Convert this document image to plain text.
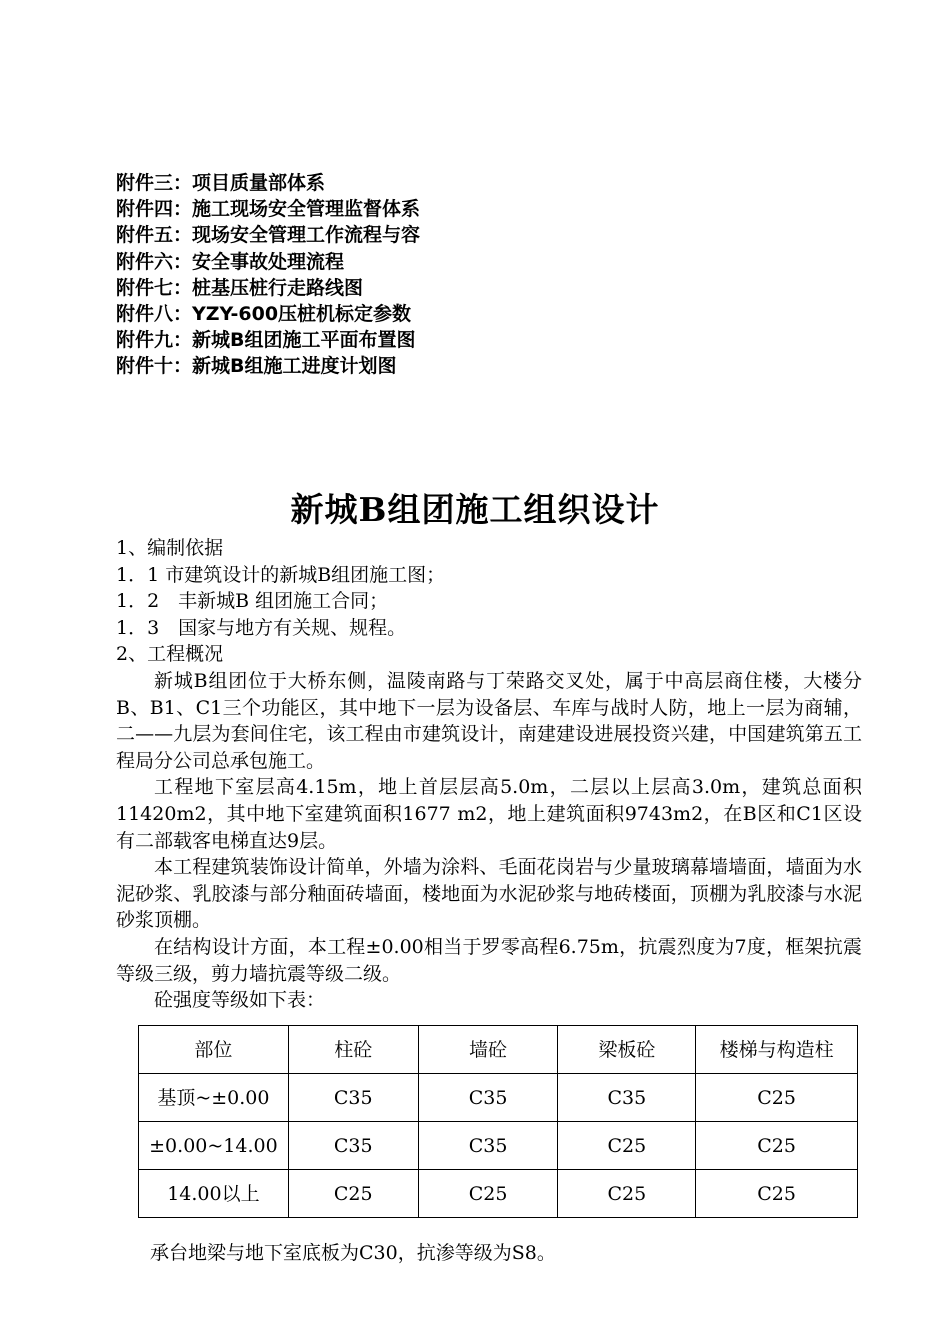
附件三：项目质量部体系
附件四：施工现场安全管理监督体系
附件五：现场安全管理工作流程与容
附件六：安全事故处理流程
附件七：桩基压桩行走路线图
附件八：YZY-600压桩机标定参数
附件九：新城B组团施工平面布置图
附件十：新城B组施工进度计划图
新城B组团施工组织设计
1、编制依据
1．1 市建筑设计的新城B组团施工图；
1．2　丰新城B 组团施工合同；
1．3　国家与地方有关规、规程。
2、工程概况
新城B组团位于大桥东侧，温陵南路与丁荣路交叉处，属于中高层商住楼，大楼分B、B1、C1三个功能区，其中地下一层为设备层、车库与战时人防，地上一层为商辅，二——九层为套间住宅，该工程由市建筑设计，南建建设进展投资兴建，中国建筑第五工程局分公司总承包施工。
工程地下室层高4.15m，地上首层层高5.0m，二层以上层高3.0m，建筑总面积11420m2，其中地下室建筑面积1677 m2，地上建筑面积9743m2，在B区和C1区设有二部载客电梯直达9层。
本工程建筑装饰设计简单，外墙为涂料、毛面花岗岩与少量玻璃幕墙墙面，墙面为水泥砂浆、乳胶漆与部分釉面砖墙面，楼地面为水泥砂浆与地砖楼面，顶棚为乳胶漆与水泥砂浆顶棚。
在结构设计方面，本工程±0.00相当于罗零高程6.75m，抗震烈度为7度，框架抗震等级三级，剪力墙抗震等级二级。
砼强度等级如下表：
部位	柱砼	墙砼	梁板砼	楼梯与构造柱
基顶~±0.00	C35	C35	C35	C25
±0.00~14.00	C35	C35	C25	C25
14.00以上	C25	C25	C25	C25
承台地梁与地下室底板为C30，抗渗等级为S8。
